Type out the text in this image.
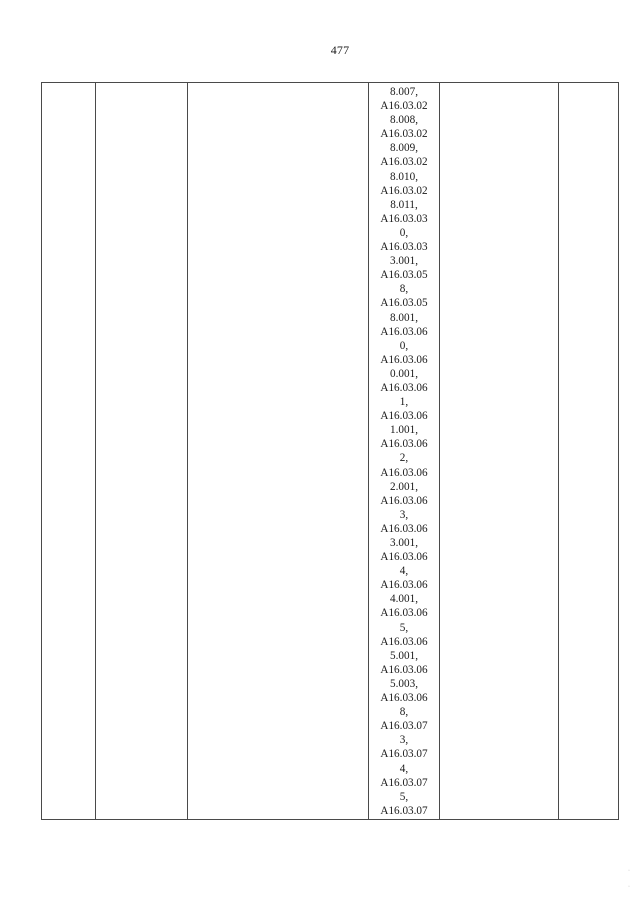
477
8.007,
A16.03.02
8.008,
A16.03.02
8.009,
A16.03.02
8.010,
A16.03.02
8.011,
A16.03.03
0,
A16.03.03
3.001,
A16.03.05
8,
A16.03.05
8.001,
A16.03.06
0,
A16.03.06
0.001,
A16.03.06
1,
A16.03.06
1.001,
A16.03.06
2,
A16.03.06
2.001,
A16.03.06
3,
A16.03.06
3.001,
A16.03.06
4,
A16.03.06
4.001,
A16.03.06
5,
A16.03.06
5.001,
A16.03.06
5.003,
A16.03.06
8,
A16.03.07
3,
A16.03.07
4,
A16.03.07
5,
A16.03.07
·
·
